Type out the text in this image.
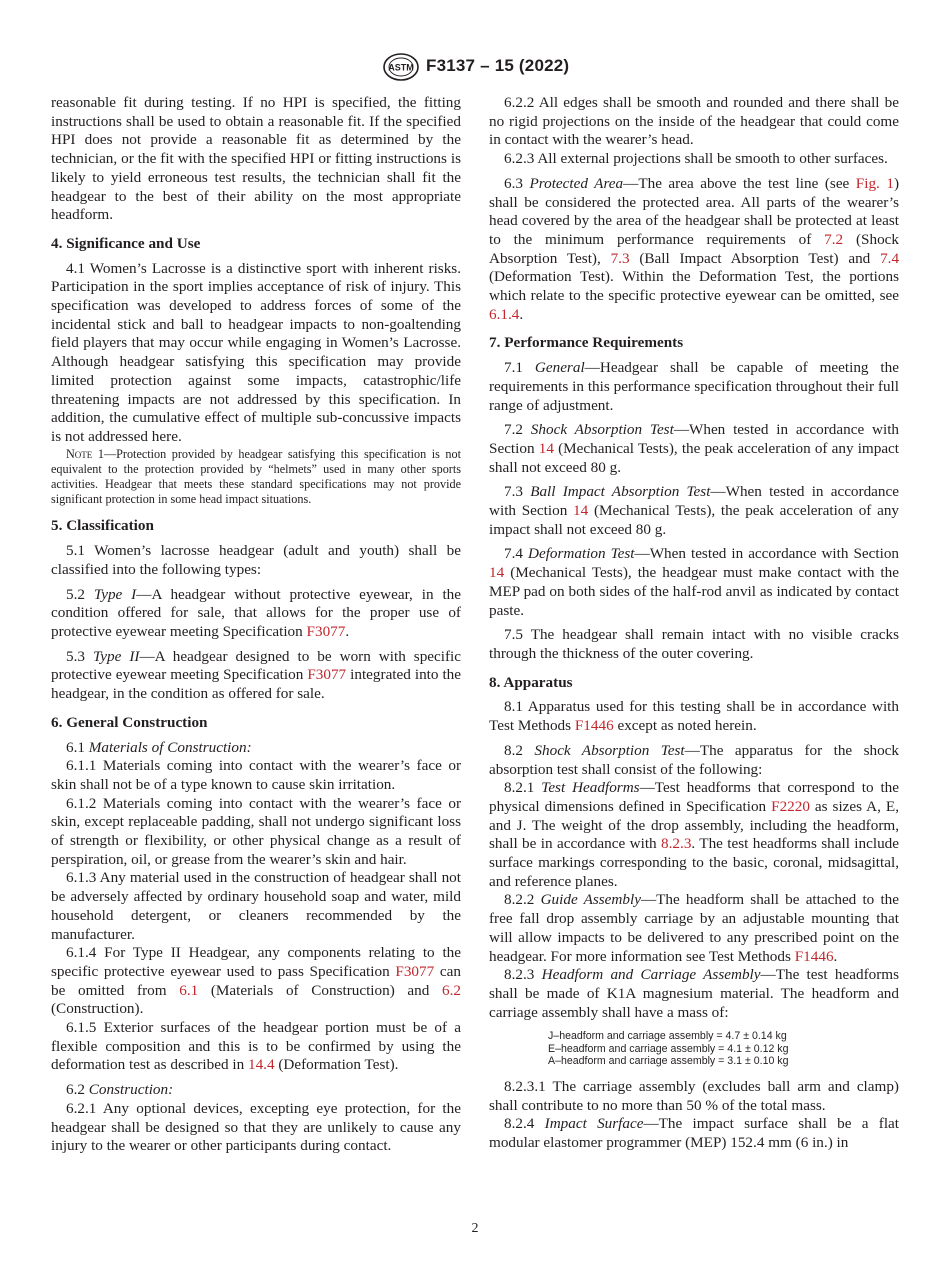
ASTM F3137 – 15 (2022)

reasonable fit during testing. If no HPI is specified, the fitting instructions shall be used to obtain a reasonable fit. If the specified HPI does not provide a reasonable fit as determined by the technician, or the fit with the specified HPI or fitting instructions is likely to yield erroneous test results, the technician shall fit the headgear to the best of their ability on the most appropriate headform.

4. Significance and Use

4.1 Women’s Lacrosse is a distinctive sport with inherent risks. Participation in the sport implies acceptance of risk of injury. This specification was developed to address forces of some of the incidental stick and ball to headgear impacts to non-goaltending field players that may occur while engaging in Women’s Lacrosse. Although headgear satisfying this specification may provide limited protection against some impacts, catastrophic/life threatening impacts are not addressed by this specification. In addition, the cumulative effect of multiple sub-concussive impacts is not addressed here.

Note 1—Protection provided by headgear satisfying this specification is not equivalent to the protection provided by “helmets” used in many other sports activities. Headgear that meets these standard specifications may not provide significant protection in some head impact situations.

5. Classification

5.1 Women’s lacrosse headgear (adult and youth) shall be classified into the following types:

5.2 Type I—A headgear without protective eyewear, in the condition offered for sale, that allows for the proper use of protective eyewear meeting Specification F3077.

5.3 Type II—A headgear designed to be worn with specific protective eyewear meeting Specification F3077 integrated into the headgear, in the condition as offered for sale.

6. General Construction

6.1 Materials of Construction:

6.1.1 Materials coming into contact with the wearer’s face or skin shall not be of a type known to cause skin irritation.

6.1.2 Materials coming into contact with the wearer’s face or skin, except replaceable padding, shall not undergo significant loss of strength or flexibility, or other physical change as a result of perspiration, oil, or grease from the wearer’s skin and hair.

6.1.3 Any material used in the construction of headgear shall not be adversely affected by ordinary household soap and water, mild household detergent, or cleaners recommended by the manufacturer.

6.1.4 For Type II Headgear, any components relating to the specific protective eyewear used to pass Specification F3077 can be omitted from 6.1 (Materials of Construction) and 6.2 (Construction).

6.1.5 Exterior surfaces of the headgear portion must be of a flexible composition and this is to be confirmed by using the deformation test as described in 14.4 (Deformation Test).

6.2 Construction:

6.2.1 Any optional devices, excepting eye protection, for the headgear shall be designed so that they are unlikely to cause any injury to the wearer or other participants during contact.

6.2.2 All edges shall be smooth and rounded and there shall be no rigid projections on the inside of the headgear that could come in contact with the wearer’s head.

6.2.3 All external projections shall be smooth to other surfaces.

6.3 Protected Area—The area above the test line (see Fig. 1) shall be considered the protected area. All parts of the wearer’s head covered by the area of the headgear shall be protected at least to the minimum performance requirements of 7.2 (Shock Absorption Test), 7.3 (Ball Impact Absorption Test) and 7.4 (Deformation Test). Within the Deformation Test, the portions which relate to the specific protective eyewear can be omitted, see 6.1.4.

7. Performance Requirements

7.1 General—Headgear shall be capable of meeting the requirements in this performance specification throughout their full range of adjustment.

7.2 Shock Absorption Test—When tested in accordance with Section 14 (Mechanical Tests), the peak acceleration of any impact shall not exceed 80 g.

7.3 Ball Impact Absorption Test—When tested in accordance with Section 14 (Mechanical Tests), the peak acceleration of any impact shall not exceed 80 g.

7.4 Deformation Test—When tested in accordance with Section 14 (Mechanical Tests), the headgear must make contact with the MEP pad on both sides of the half-rod anvil as indicated by contact paste.

7.5 The headgear shall remain intact with no visible cracks through the thickness of the outer covering.

8. Apparatus

8.1 Apparatus used for this testing shall be in accordance with Test Methods F1446 except as noted herein.

8.2 Shock Absorption Test—The apparatus for the shock absorption test shall consist of the following:

8.2.1 Test Headforms—Test headforms that correspond to the physical dimensions defined in Specification F2220 as sizes A, E, and J. The weight of the drop assembly, including the headform, shall be in accordance with 8.2.3. The test headforms shall include surface markings corresponding to the basic, coronal, midsagittal, and reference planes.

8.2.2 Guide Assembly—The headform shall be attached to the free fall drop assembly carriage by an adjustable mounting that will allow impacts to be delivered to any prescribed point on the headgear. For more information see Test Methods F1446.

8.2.3 Headform and Carriage Assembly—The test headforms shall be made of K1A magnesium material. The headform and carriage assembly shall have a mass of:

J–headform and carriage assembly = 4.7 ± 0.14 kg
E–headform and carriage assembly = 4.1 ± 0.12 kg
A–headform and carriage assembly = 3.1 ± 0.10 kg

8.2.3.1 The carriage assembly (excludes ball arm and clamp) shall contribute to no more than 50 % of the total mass.

8.2.4 Impact Surface—The impact surface shall be a flat modular elastomer programmer (MEP) 152.4 mm (6 in.) in

2
